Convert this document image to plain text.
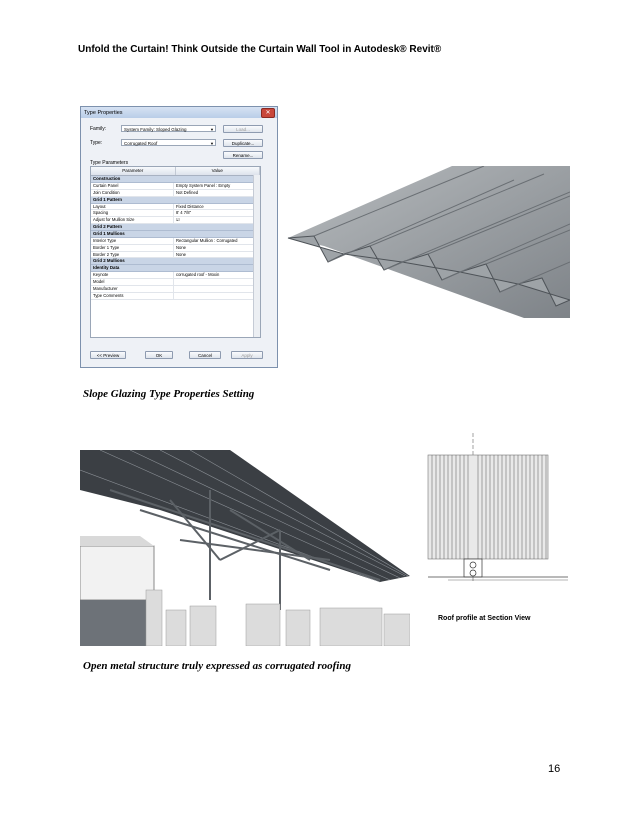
Unfold the Curtain! Think Outside the Curtain Wall Tool in Autodesk® Revit®
Type Properties	✕
Family:	System Family: Sloped Glazing	▼	Load...
Type:	Corrugated Roof	▼	Duplicate...
Rename...
Type Parameters
Parameter	Value
Construction
Curtain Panel	Empty System Panel : Empty
Join Condition	Not Defined
Grid 1 Pattern
Layout	Fixed Distance
Spacing	8' 4 7/8"
Adjust for Mullion Size	☑
Grid 2 Pattern
Grid 1 Mullions
Interior Type	Rectangular Mullion : Corrugated
Border 1 Type	None
Border 2 Type	None
Grid 2 Mullions
Identity Data
Keynote	corrugated roof - Moxin
Model
Manufacturer
Type Comments
<< Preview	OK	Cancel	Apply
Slope Glazing Type Properties Setting
Roof profile at Section View
Open metal structure truly expressed as corrugated roofing
16
